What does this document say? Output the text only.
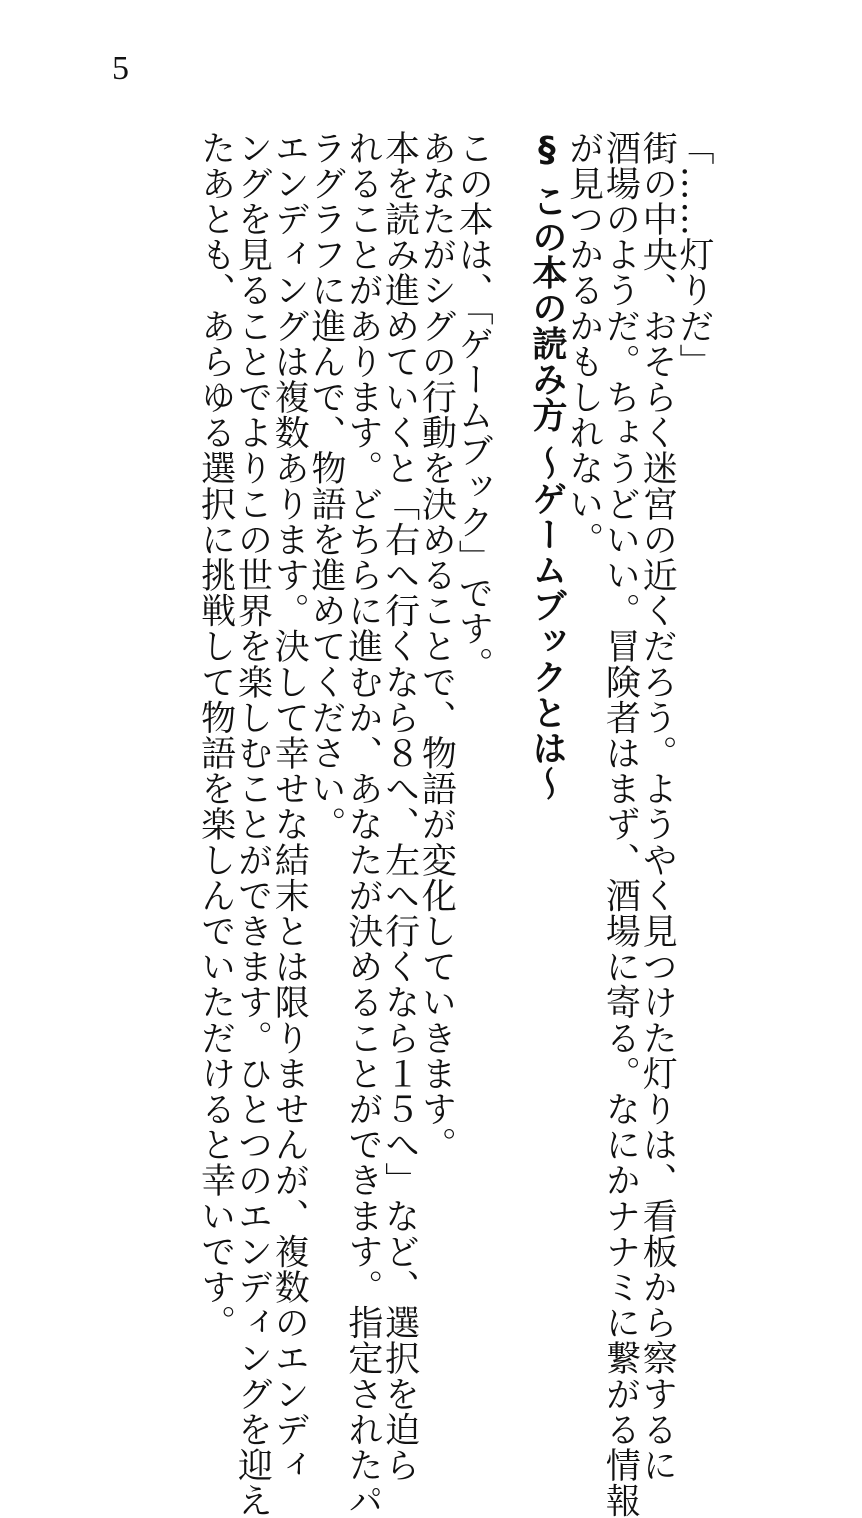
5

「……灯りだ」

街の中央、おそらく迷宮の近くだろう。ようやく見つけた灯りは、看板から察するに

酒場のようだ。ちょうどいい。冒険者はまず、酒場に寄る。なにかナナミに繋がる情報

が見つかるかもしれない。

§ この本の読み方 〜ゲームブックとは〜

この本は、「ゲームブック」です。

あなたがシグの行動を決めることで、物語が変化していきます。

本を読み進めていくと「右へ行くなら８へ、左へ行くなら１５へ」など、選択を迫ら

れることがあります。どちらに進むか、あなたが決めることができます。指定されたパ

ラグラフに進んで、物語を進めてください。

エンディングは複数あります。決して幸せな結末とは限りませんが、複数のエンディ

ングを見ることでよりこの世界を楽しむことができます。ひとつのエンディングを迎え

たあとも、あらゆる選択に挑戦して物語を楽しんでいただけると幸いです。
